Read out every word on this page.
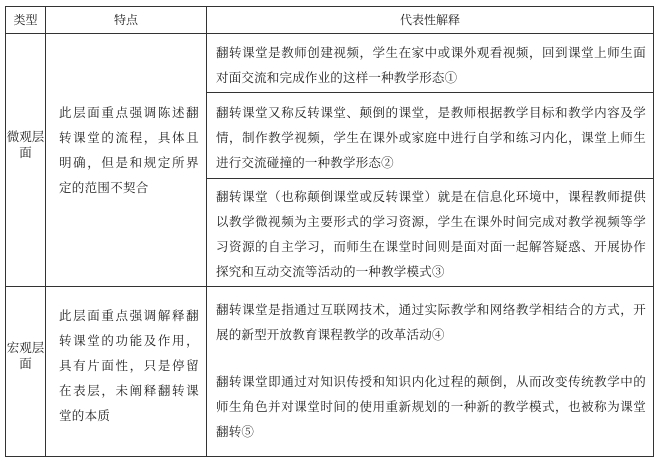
类型	特点	代表性解释
微观层面
此层面重点强调陈述翻转课堂的流程，具体且明确，但是和规定所界定的范围不契合
翻转课堂是教师创建视频，学生在家中或课外观看视频，回到课堂上师生面对面交流和完成作业的这样一种教学形态①
翻转课堂又称反转课堂、颠倒的课堂，是教师根据教学目标和教学内容及学情，制作教学视频，学生在课外或家庭中进行自学和练习内化，课堂上师生进行交流碰撞的一种教学形态②
翻转课堂（也称颠倒课堂或反转课堂）就是在信息化环境中，课程教师提供以教学微视频为主要形式的学习资源，学生在课外时间完成对教学视频等学习资源的自主学习，而师生在课堂时间则是面对面一起解答疑惑、开展协作探究和互动交流等活动的一种教学模式③
宏观层面
此层面重点强调解释翻转课堂的功能及作用，具有片面性，只是停留在表层，未阐释翻转课堂的本质
翻转课堂是指通过互联网技术，通过实际教学和网络教学相结合的方式，开展的新型开放教育课程教学的改革活动④
翻转课堂即通过对知识传授和知识内化过程的颠倒，从而改变传统教学中的师生角色并对课堂时间的使用重新规划的一种新的教学模式，也被称为课堂翻转⑤
